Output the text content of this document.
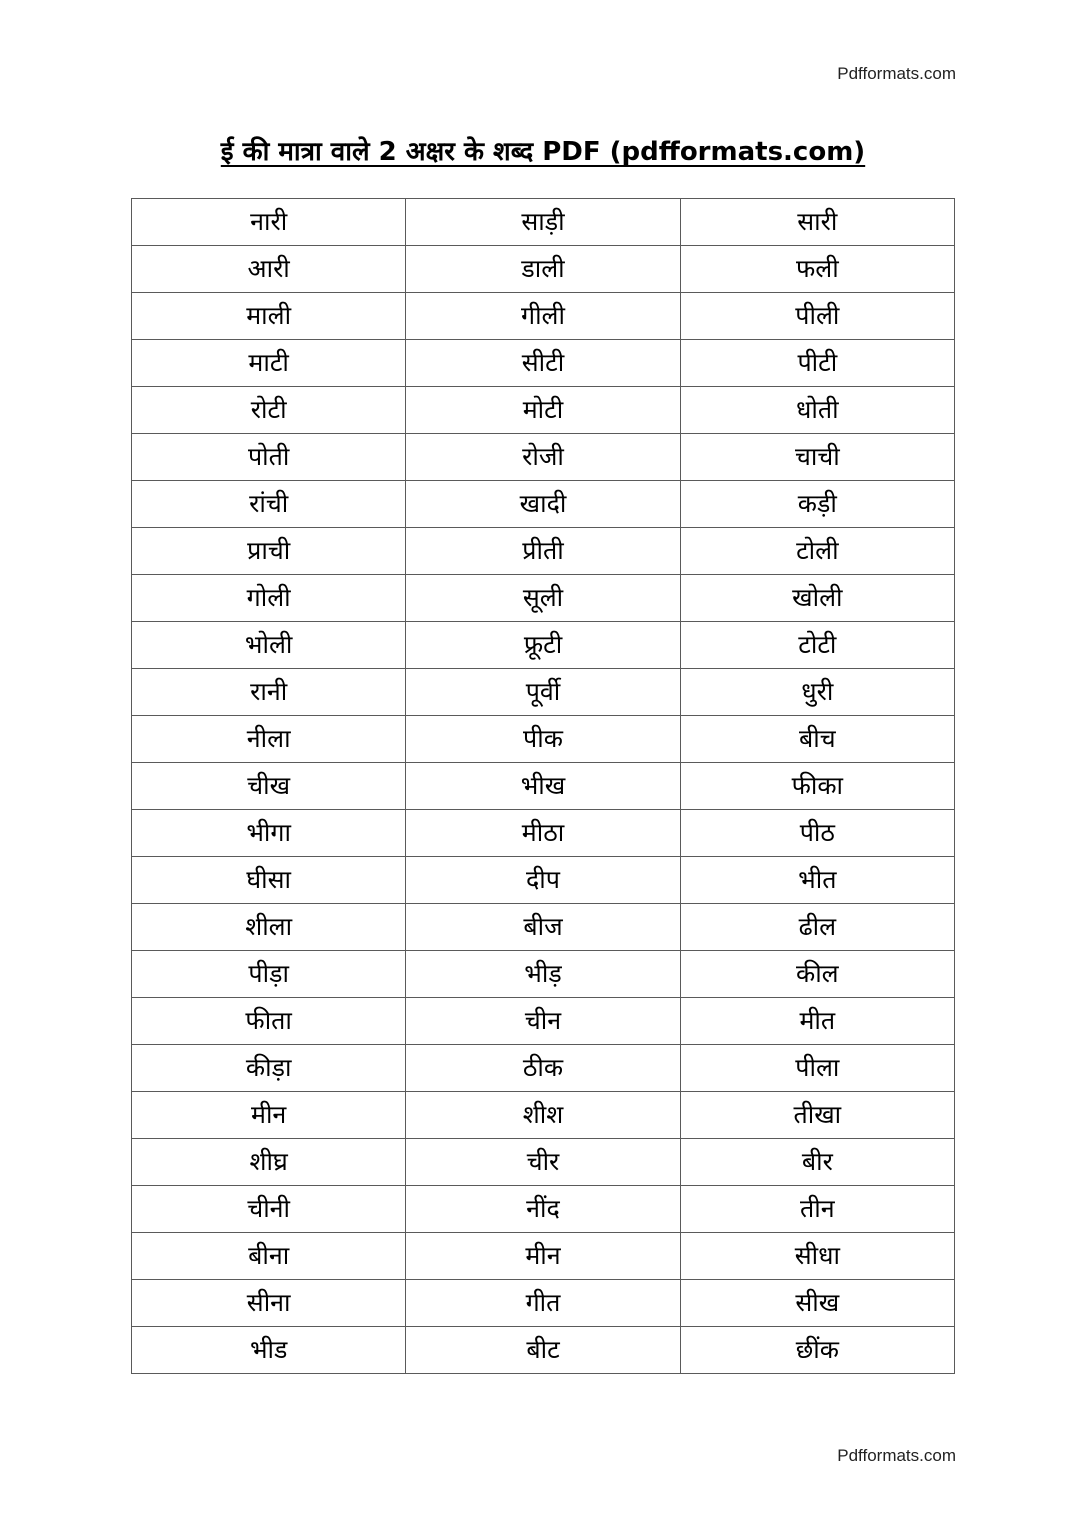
Pdfformats.com
ई की मात्रा वाले 2 अक्षर के शब्द PDF (pdfformats.com)
नारी	साड़ी	सारी
आरी	डाली	फली
माली	गीली	पीली
माटी	सीटी	पीटी
रोटी	मोटी	धोती
पोती	रोजी	चाची
रांची	खादी	कड़ी
प्राची	प्रीती	टोली
गोली	सूली	खोली
भोली	फ्रूटी	टोटी
रानी	पूर्वी	धुरी
नीला	पीक	बीच
चीख	भीख	फीका
भीगा	मीठा	पीठ
घीसा	दीप	भीत
शीला	बीज	ढील
पीड़ा	भीड़	कील
फीता	चीन	मीत
कीड़ा	ठीक	पीला
मीन	शीश	तीखा
शीघ्र	चीर	बीर
चीनी	नींद	तीन
बीना	मीन	सीधा
सीना	गीत	सीख
भीड	बीट	छींक
Pdfformats.com
